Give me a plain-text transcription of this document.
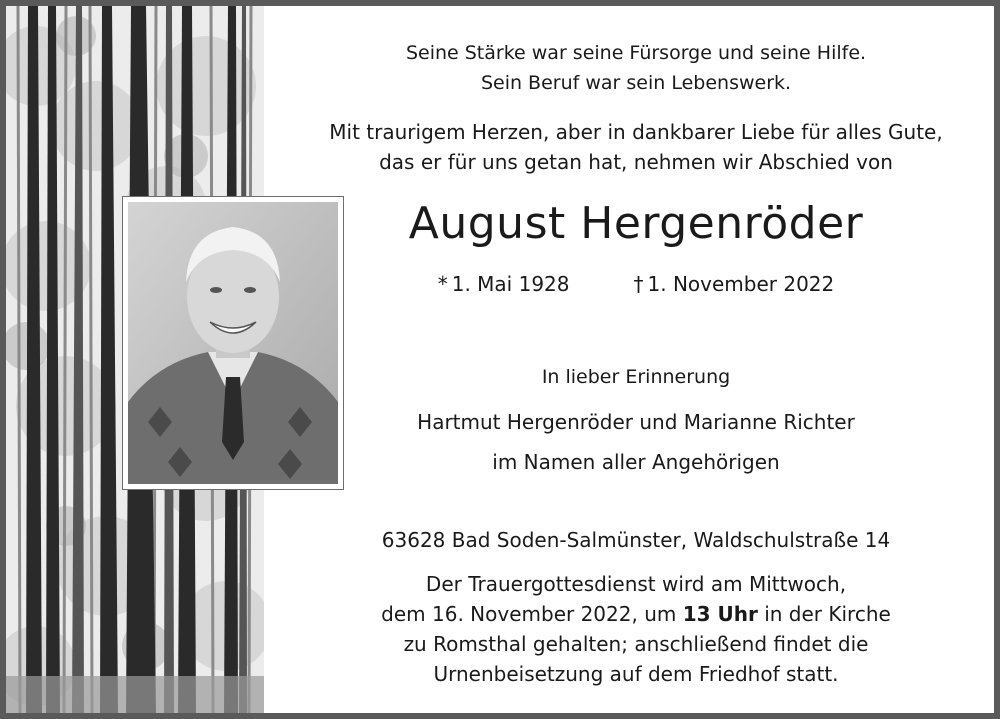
Seine Stärke war seine Fürsorge und seine Hilfe.
Sein Beruf war sein Lebenswerk.
Mit traurigem Herzen, aber in dankbarer Liebe für alles Gute,
das er für uns getan hat, nehmen wir Abschied von
August Hergenröder
* 1. Mai 1928	† 1. November 2022
In lieber Erinnerung
Hartmut Hergenröder und Marianne Richter
im Namen aller Angehörigen
63628 Bad Soden-Salmünster, Waldschulstraße 14
Der Trauergottesdienst wird am Mittwoch,
dem 16. November 2022, um 13 Uhr in der Kirche
zu Romsthal gehalten; anschließend findet die
Urnenbeisetzung auf dem Friedhof statt.
